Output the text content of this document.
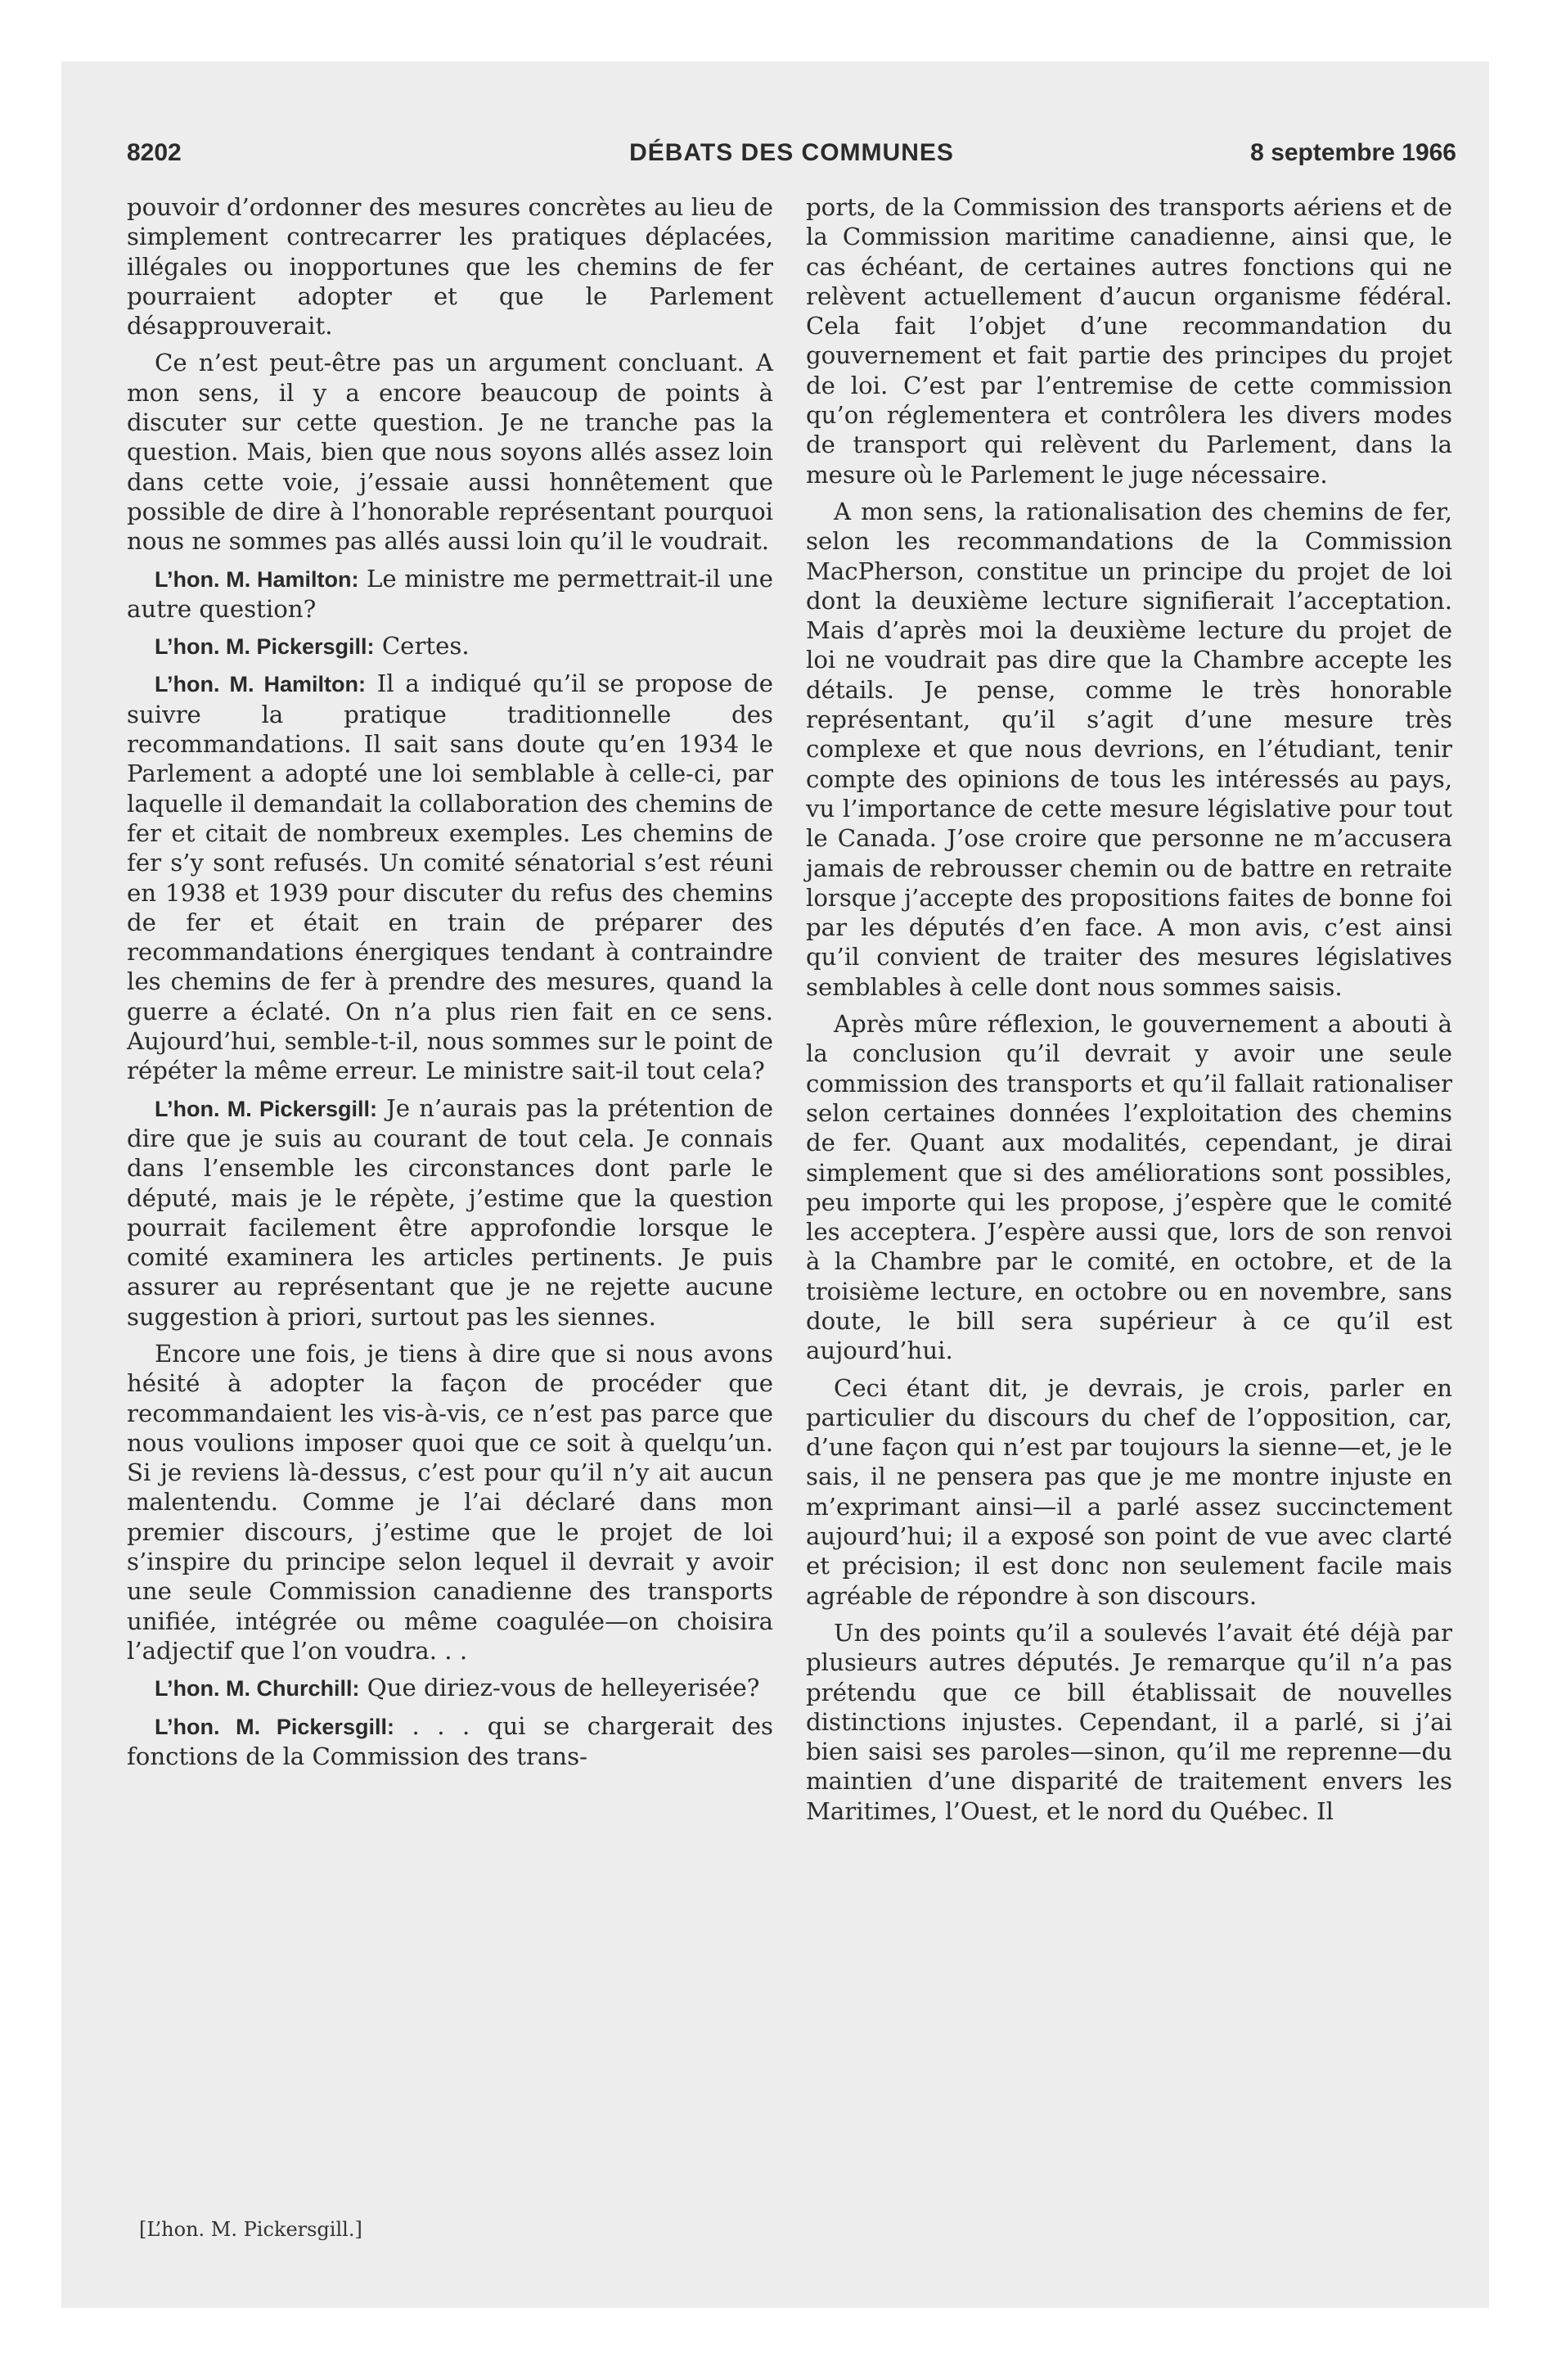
8202	DÉBATS DES COMMUNES	8 septembre 1966

pouvoir d’ordonner des mesures concrètes au lieu de simplement contrecarrer les pratiques déplacées, illégales ou inopportunes que les chemins de fer pourraient adopter et que le Parlement désapprouverait.

Ce n’est peut-être pas un argument concluant. A mon sens, il y a encore beaucoup de points à discuter sur cette question. Je ne tranche pas la question. Mais, bien que nous soyons allés assez loin dans cette voie, j’essaie aussi honnêtement que possible de dire à l’honorable représentant pourquoi nous ne sommes pas allés aussi loin qu’il le voudrait.

L’hon. M. Hamilton: Le ministre me permettrait-il une autre question?

L’hon. M. Pickersgill: Certes.

L’hon. M. Hamilton: Il a indiqué qu’il se propose de suivre la pratique traditionnelle des recommandations. Il sait sans doute qu’en 1934 le Parlement a adopté une loi semblable à celle-ci, par laquelle il demandait la collaboration des chemins de fer et citait de nombreux exemples. Les chemins de fer s’y sont refusés. Un comité sénatorial s’est réuni en 1938 et 1939 pour discuter du refus des chemins de fer et était en train de préparer des recommandations énergiques tendant à contraindre les chemins de fer à prendre des mesures, quand la guerre a éclaté. On n’a plus rien fait en ce sens. Aujourd’hui, semble-t-il, nous sommes sur le point de répéter la même erreur. Le ministre sait-il tout cela?

L’hon. M. Pickersgill: Je n’aurais pas la prétention de dire que je suis au courant de tout cela. Je connais dans l’ensemble les circonstances dont parle le député, mais je le répète, j’estime que la question pourrait facilement être approfondie lorsque le comité examinera les articles pertinents. Je puis assurer au représentant que je ne rejette aucune suggestion à priori, surtout pas les siennes.

Encore une fois, je tiens à dire que si nous avons hésité à adopter la façon de procéder que recommandaient les vis-à-vis, ce n’est pas parce que nous voulions imposer quoi que ce soit à quelqu’un. Si je reviens là-dessus, c’est pour qu’il n’y ait aucun malentendu. Comme je l’ai déclaré dans mon premier discours, j’estime que le projet de loi s’inspire du principe selon lequel il devrait y avoir une seule Commission canadienne des transports unifiée, intégrée ou même coagulée—on choisira l’adjectif que l’on voudra. . .

L’hon. M. Churchill: Que diriez-vous de helleyerisée?

L’hon. M. Pickersgill: . . . qui se chargerait des fonctions de la Commission des trans-

ports, de la Commission des transports aériens et de la Commission maritime canadienne, ainsi que, le cas échéant, de certaines autres fonctions qui ne relèvent actuellement d’aucun organisme fédéral. Cela fait l’objet d’une recommandation du gouvernement et fait partie des principes du projet de loi. C’est par l’entremise de cette commission qu’on réglementera et contrôlera les divers modes de transport qui relèvent du Parlement, dans la mesure où le Parlement le juge nécessaire.

A mon sens, la rationalisation des chemins de fer, selon les recommandations de la Commission MacPherson, constitue un principe du projet de loi dont la deuxième lecture signifierait l’acceptation. Mais d’après moi la deuxième lecture du projet de loi ne voudrait pas dire que la Chambre accepte les détails. Je pense, comme le très honorable représentant, qu’il s’agit d’une mesure très complexe et que nous devrions, en l’étudiant, tenir compte des opinions de tous les intéressés au pays, vu l’importance de cette mesure législative pour tout le Canada. J’ose croire que personne ne m’accusera jamais de rebrousser chemin ou de battre en retraite lorsque j’accepte des propositions faites de bonne foi par les députés d’en face. A mon avis, c’est ainsi qu’il convient de traiter des mesures législatives semblables à celle dont nous sommes saisis.

Après mûre réflexion, le gouvernement a abouti à la conclusion qu’il devrait y avoir une seule commission des transports et qu’il fallait rationaliser selon certaines données l’exploitation des chemins de fer. Quant aux modalités, cependant, je dirai simplement que si des améliorations sont possibles, peu importe qui les propose, j’espère que le comité les acceptera. J’espère aussi que, lors de son renvoi à la Chambre par le comité, en octobre, et de la troisième lecture, en octobre ou en novembre, sans doute, le bill sera supérieur à ce qu’il est aujourd’hui.

Ceci étant dit, je devrais, je crois, parler en particulier du discours du chef de l’opposition, car, d’une façon qui n’est par toujours la sienne—et, je le sais, il ne pensera pas que je me montre injuste en m’exprimant ainsi—il a parlé assez succinctement aujourd’hui; il a exposé son point de vue avec clarté et précision; il est donc non seulement facile mais agréable de répondre à son discours.

Un des points qu’il a soulevés l’avait été déjà par plusieurs autres députés. Je remarque qu’il n’a pas prétendu que ce bill établissait de nouvelles distinctions injustes. Cependant, il a parlé, si j’ai bien saisi ses paroles—sinon, qu’il me reprenne—du maintien d’une disparité de traitement envers les Maritimes, l’Ouest, et le nord du Québec. Il

[L’hon. M. Pickersgill.]
